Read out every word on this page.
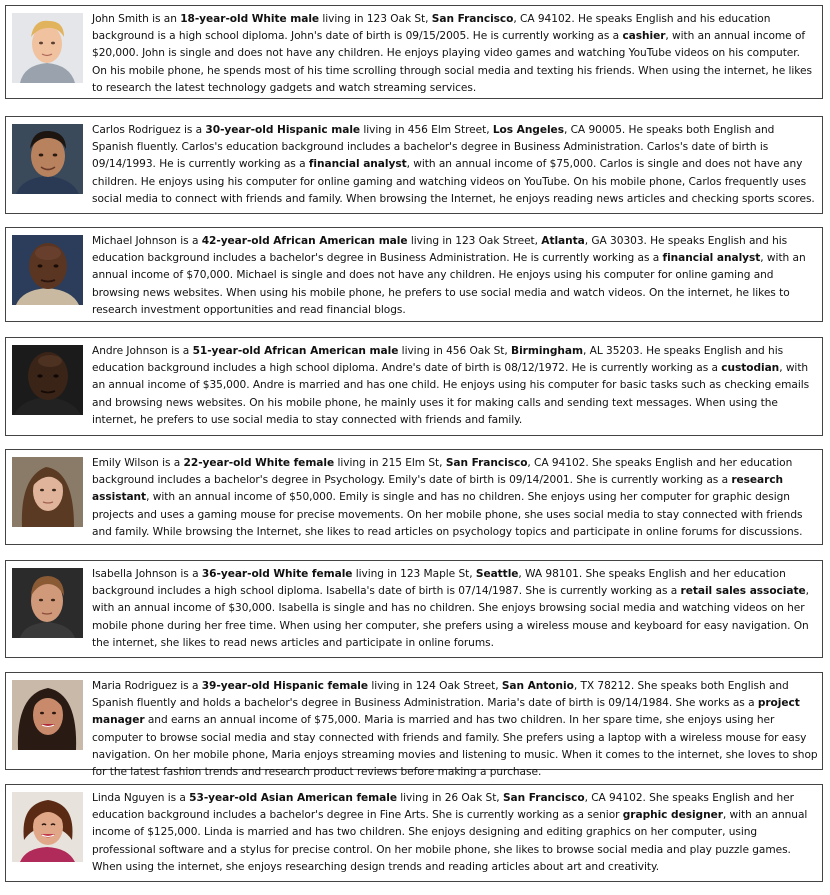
John Smith is an 18-year-old White male living in 123 Oak St, San Francisco, CA 94102. He speaks English and his education background is a high school diploma. John's date of birth is 09/15/2005. He is currently working as a cashier, with an annual income of $20,000. John is single and does not have any children. He enjoys playing video games and watching YouTube videos on his computer. On his mobile phone, he spends most of his time scrolling through social media and texting his friends. When using the internet, he likes to research the latest technology gadgets and watch streaming services.

Carlos Rodriguez is a 30-year-old Hispanic male living in 456 Elm Street, Los Angeles, CA 90005. He speaks both English and Spanish fluently. Carlos's education background includes a bachelor's degree in Business Administration. Carlos's date of birth is 09/14/1993. He is currently working as a financial analyst, with an annual income of $75,000. Carlos is single and does not have any children. He enjoys using his computer for online gaming and watching videos on YouTube. On his mobile phone, Carlos frequently uses social media to connect with friends and family. When browsing the Internet, he enjoys reading news articles and checking sports scores.

Michael Johnson is a 42-year-old African American male living in 123 Oak Street, Atlanta, GA 30303. He speaks English and his education background includes a bachelor's degree in Business Administration. He is currently working as a financial analyst, with an annual income of $70,000. Michael is single and does not have any children. He enjoys using his computer for online gaming and browsing news websites. When using his mobile phone, he prefers to use social media and watch videos. On the internet, he likes to research investment opportunities and read financial blogs.

Andre Johnson is a 51-year-old African American male living in 456 Oak St, Birmingham, AL 35203. He speaks English and his education background includes a high school diploma. Andre's date of birth is 08/12/1972. He is currently working as a custodian, with an annual income of $35,000. Andre is married and has one child. He enjoys using his computer for basic tasks such as checking emails and browsing news websites. On his mobile phone, he mainly uses it for making calls and sending text messages. When using the internet, he prefers to use social media to stay connected with friends and family.

Emily Wilson is a 22-year-old White female living in 215 Elm St, San Francisco, CA 94102. She speaks English and her education background includes a bachelor's degree in Psychology. Emily's date of birth is 09/14/2001. She is currently working as a research assistant, with an annual income of $50,000. Emily is single and has no children. She enjoys using her computer for graphic design projects and uses a gaming mouse for precise movements. On her mobile phone, she uses social media to stay connected with friends and family. While browsing the Internet, she likes to read articles on psychology topics and participate in online forums for discussions.

Isabella Johnson is a 36-year-old White female living in 123 Maple St, Seattle, WA 98101. She speaks English and her education background includes a high school diploma. Isabella's date of birth is 07/14/1987. She is currently working as a retail sales associate, with an annual income of $30,000. Isabella is single and has no children. She enjoys browsing social media and watching videos on her mobile phone during her free time. When using her computer, she prefers using a wireless mouse and keyboard for easy navigation. On the internet, she likes to read news articles and participate in online forums.

Maria Rodriguez is a 39-year-old Hispanic female living in 124 Oak Street, San Antonio, TX 78212. She speaks both English and Spanish fluently and holds a bachelor's degree in Business Administration. Maria's date of birth is 09/14/1984. She works as a project manager and earns an annual income of $75,000. Maria is married and has two children. In her spare time, she enjoys using her computer to browse social media and stay connected with friends and family. She prefers using a laptop with a wireless mouse for easy navigation. On her mobile phone, Maria enjoys streaming movies and listening to music. When it comes to the internet, she loves to shop for the latest fashion trends and research product reviews before making a purchase.

Linda Nguyen is a 53-year-old Asian American female living in 26 Oak St, San Francisco, CA 94102. She speaks English and her education background includes a bachelor's degree in Fine Arts. She is currently working as a senior graphic designer, with an annual income of $125,000. Linda is married and has two children. She enjoys designing and editing graphics on her computer, using professional software and a stylus for precise control. On her mobile phone, she likes to browse social media and play puzzle games. When using the internet, she enjoys researching design trends and reading articles about art and creativity.
